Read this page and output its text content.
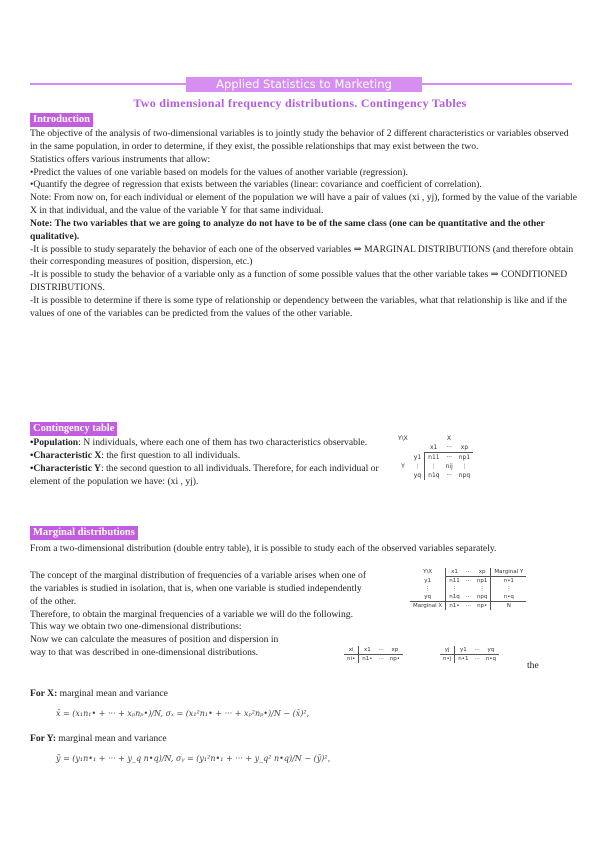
Applied Statistics to Marketing
Two dimensional frequency distributions. Contingency Tables
Introduction

The objective of the analysis of two-dimensional variables is to jointly study the behavior of 2 different characteristics or variables observed in the same population, in order to determine, if they exist, the possible relationships that may exist between the two.

Statistics offers various instruments that allow:

•Predict the values of one variable based on models for the values of another variable (regression).

•Quantify the degree of regression that exists between the variables (linear: covariance and coefficient of correlation).

Note: From now on, for each individual or element of the population we will have a pair of values (xi , yj), formed by the value of the variable X in that individual, and the value of the variable Y for that same individual.

Note: The two variables that we are going to analyze do not have to be of the same class (one can be quantitative and the other qualitative).

-It is possible to study separately the behavior of each one of the observed variables ⇒ MARGINAL DISTRIBUTIONS (and therefore obtain their corresponding measures of position, dispersion, etc.)

-It is possible to study the behavior of a variable only as a function of some possible values that the other variable takes ⇒ CONDITIONED DISTRIBUTIONS.

-It is possible to determine if there is some type of relationship or dependency between the variables, what that relationship is like and if the values of one of the variables can be predicted from the values of the other variable.

Contingency table

•Population: N individuals, where each one of them has two characteristics observable.

•Characteristic X: the first question to all individuals.

•Characteristic Y: the second question to all individuals. Therefore, for each individual or element of the population we have: (xi , yj).

Y\X		X		
		x1	···	xp
	y1	n11	···	np1
Y	⋮	⋮	nij	⋮
	yq	n1q	···	npq
Marginal distributions

From a two-dimensional distribution (double entry table), it is possible to study each of the observed variables separately.

The concept of the marginal distribution of frequencies of a variable arises when one of the variables is studied in isolation, that is, when one variable is studied independently of the other.

Therefore, to obtain the marginal frequencies of a variable we will do the following.

This way we obtain two one-dimensional distributions:

Now we can calculate the measures of position and dispersion in

way to that was described in one-dimensional distributions.

the
Y\X	x1	···	xp	Marginal Y
y1	n11	···	np1	n•1
⋮	⋮		⋮	⋮
yq	n1q	···	npq	n•q
Marginal X	n1•	···	np•	N
xi	x1	···	xp
ni•	n1•	···	np•
yj	y1	···	yq
n•j	n•1	···	n•q

For X: marginal mean and variance

x̄ = (x₁n₁• + ··· + xₚnₚ•)/N, σₓ = (x₁²n₁• + ··· + xₚ²nₚ•)/N − (x̄)²,

For Y: marginal mean and variance

ȳ = (y₁n•₁ + ··· + y_q n•q)/N, σᵧ = (y₁²n•₁ + ··· + y_q² n•q)/N − (ȳ)²,
